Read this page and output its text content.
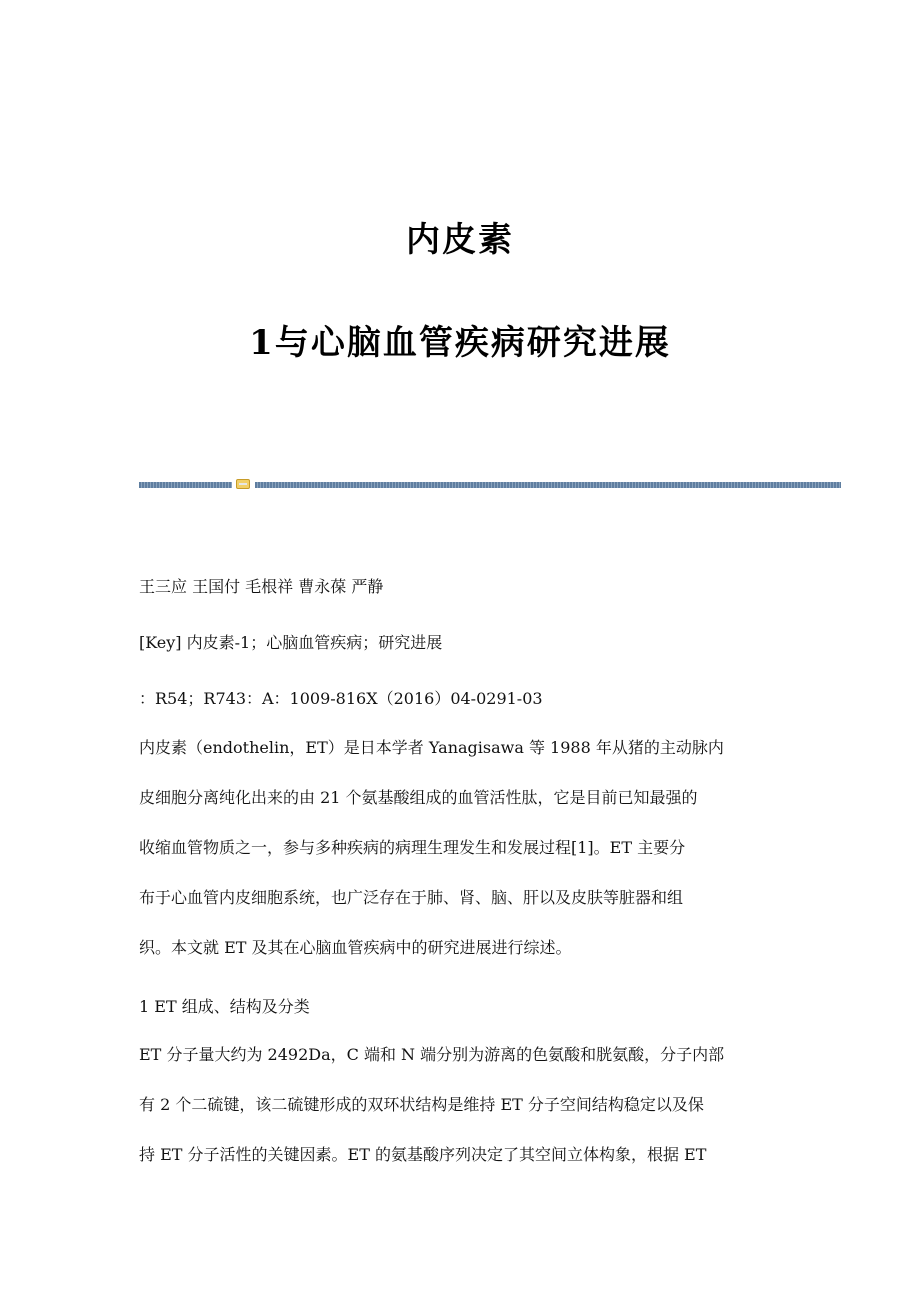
内皮素
1与心脑血管疾病研究进展
王三应 王国付 毛根祥 曹永葆 严静
[Key] 内皮素-1；心脑血管疾病；研究进展
：R54；R743：A：1009-816X（2016）04-0291-03

内皮素（endothelin，ET）是日本学者 Yanagisawa 等 1988 年从猪的主动脉内
皮细胞分离纯化出来的由 21 个氨基酸组成的血管活性肽，它是目前已知最强的
收缩血管物质之一，参与多种疾病的病理生理发生和发展过程[1]。ET 主要分
布于心血管内皮细胞系统，也广泛存在于肺、肾、脑、肝以及皮肤等脏器和组
织。本文就 ET 及其在心脑血管疾病中的研究进展进行综述。

1 ET 组成、结构及分类

ET 分子量大约为 2492Da，C 端和 N 端分别为游离的色氨酸和胱氨酸，分子内部
有 2 个二硫键，该二硫键形成的双环状结构是维持 ET 分子空间结构稳定以及保
持 ET 分子活性的关键因素。ET 的氨基酸序列决定了其空间立体构象，根据 ET
